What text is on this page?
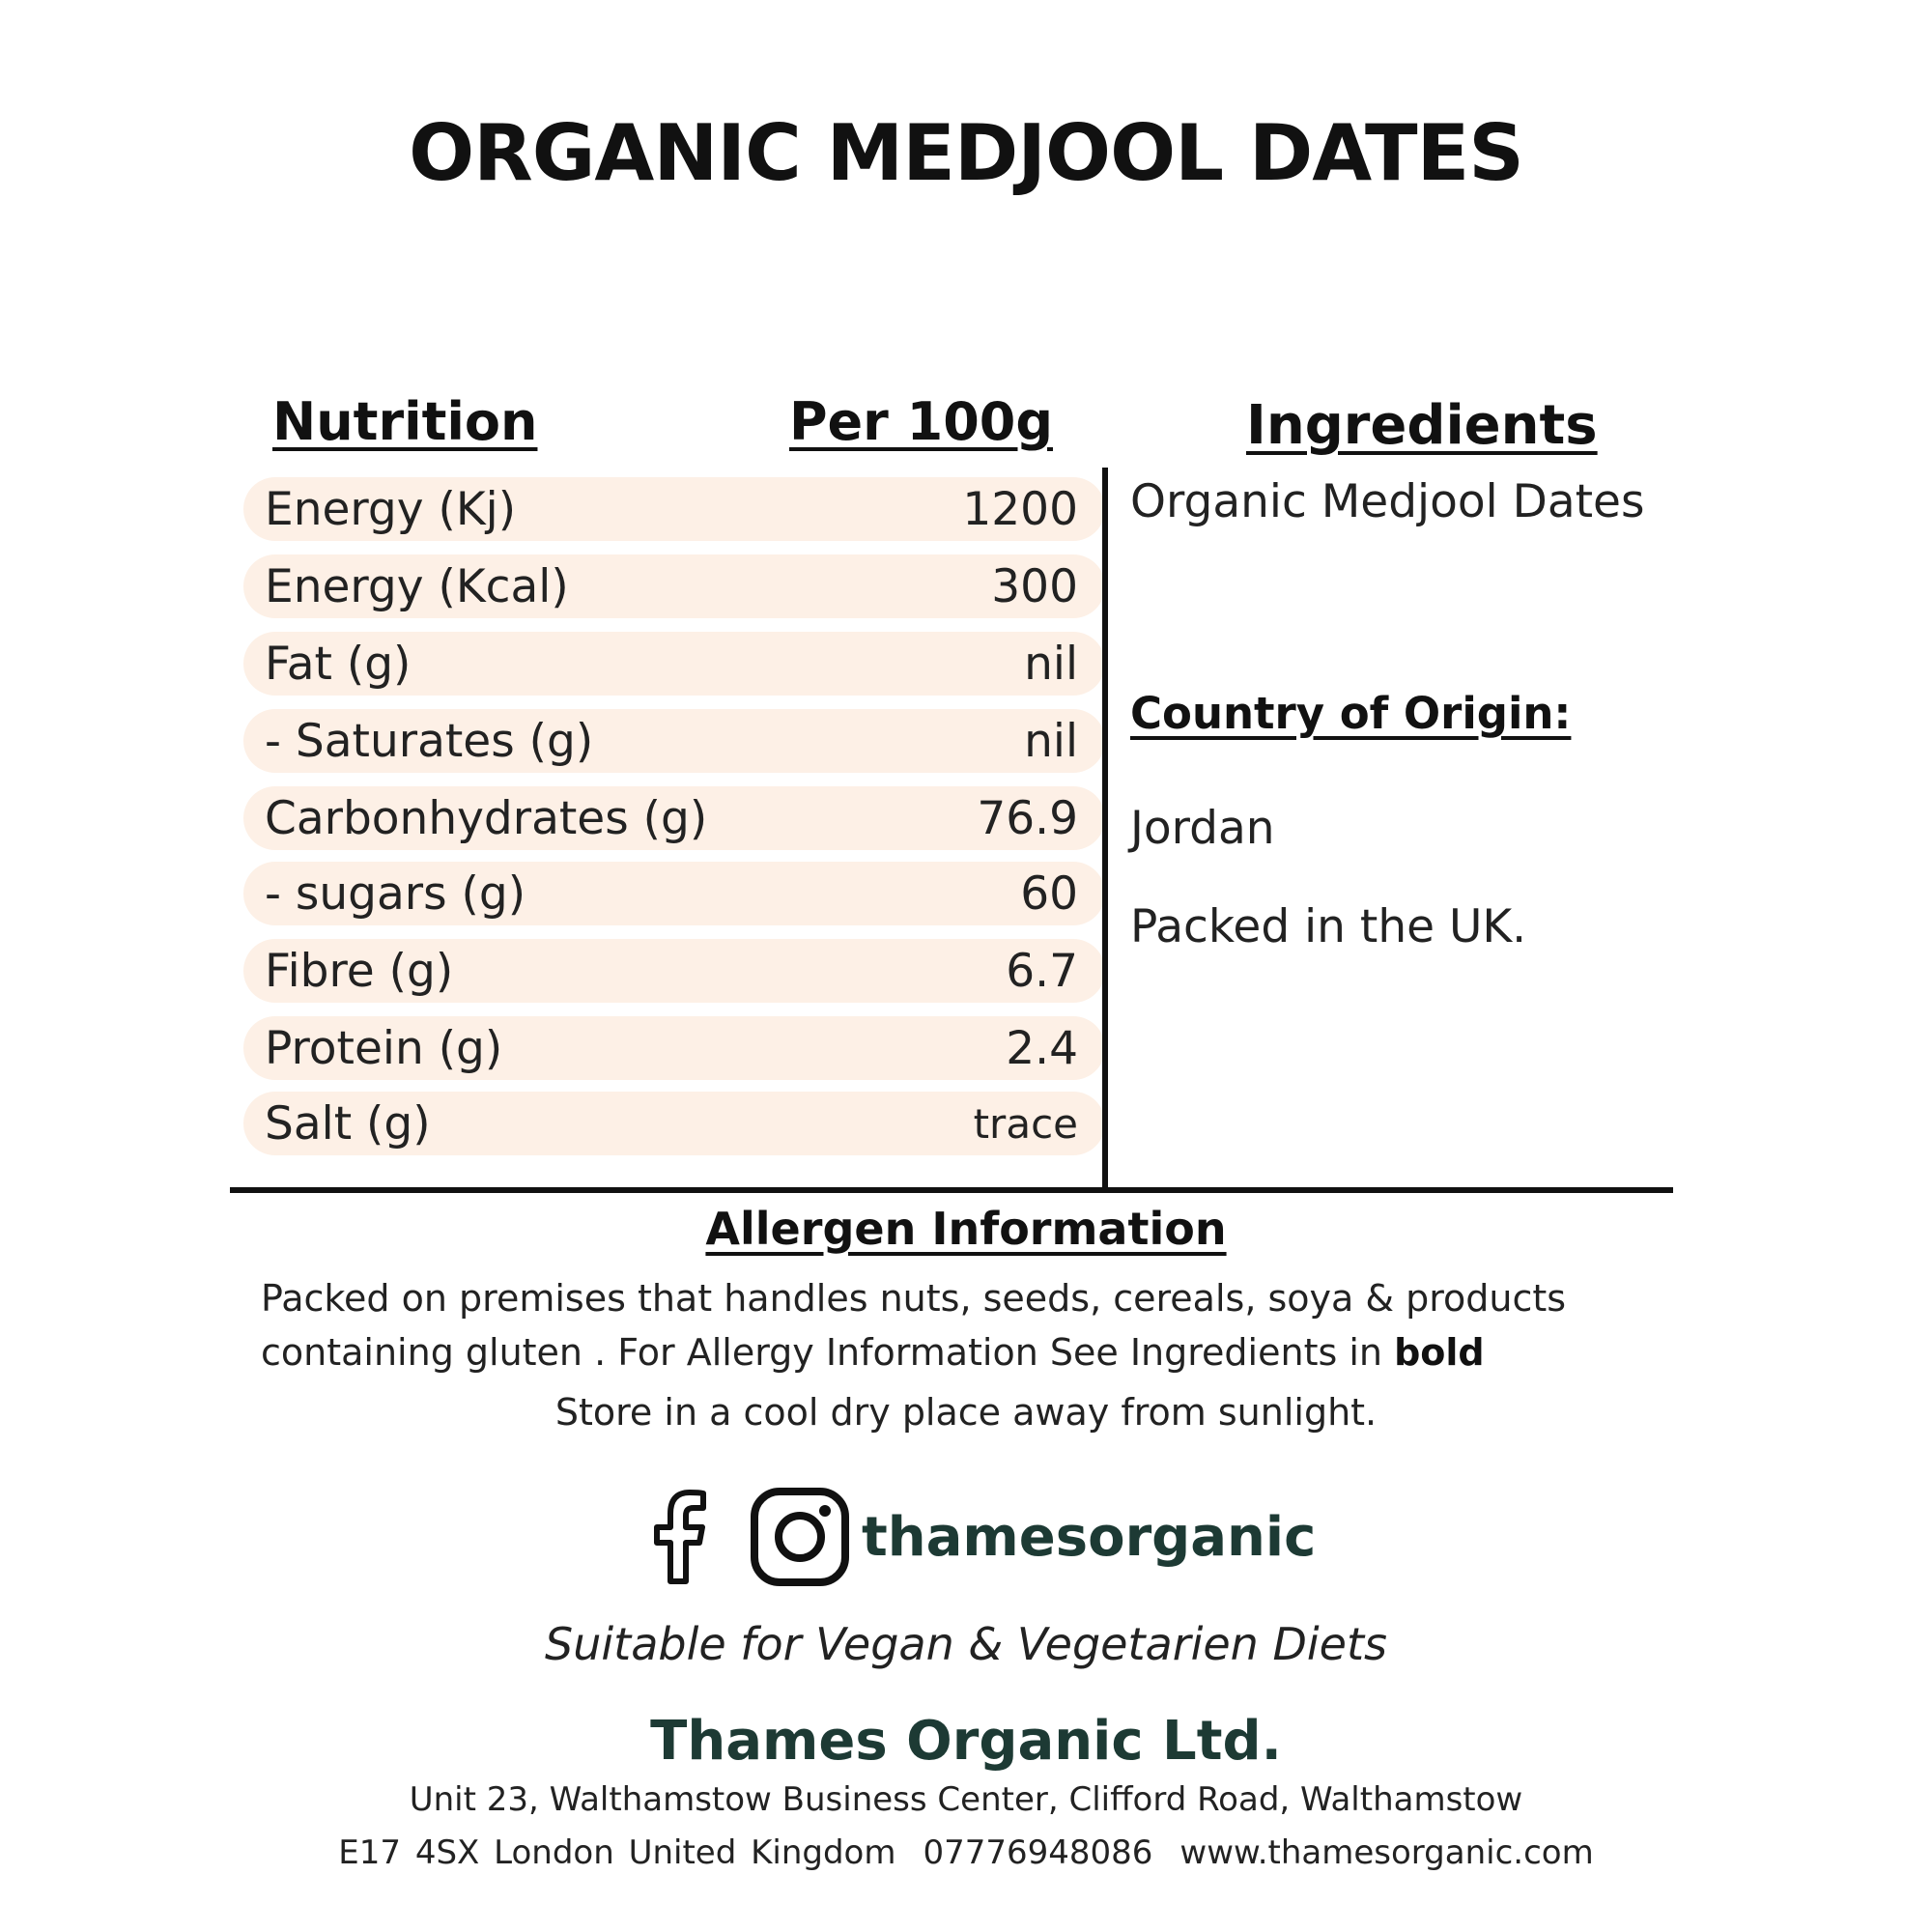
ORGANIC MEDJOOL DATES
Nutrition	Per 100g	Ingredients
Energy (Kj)	1200
Energy (Kcal)	300
Fat (g)	nil
- Saturates (g)	nil
Carbonhydrates (g)	76.9
- sugars (g)	60
Fibre (g)	6.7
Protein (g)	2.4
Salt (g)	trace
Organic Medjool Dates
Country of Origin:
Jordan
Packed in the UK.
Allergen Information
Packed on premises that handles nuts, seeds, cereals, soya & products
containing gluten . For Allergy Information See Ingredients in bold
Store in a cool dry place away from sunlight.
thamesorganic
Suitable for Vegan & Vegetarien Diets
Thames Organic Ltd.
Unit 23, Walthamstow Business Center, Clifford Road, Walthamstow
E17 4SX London United Kingdom 07776948086 www.thamesorganic.com
